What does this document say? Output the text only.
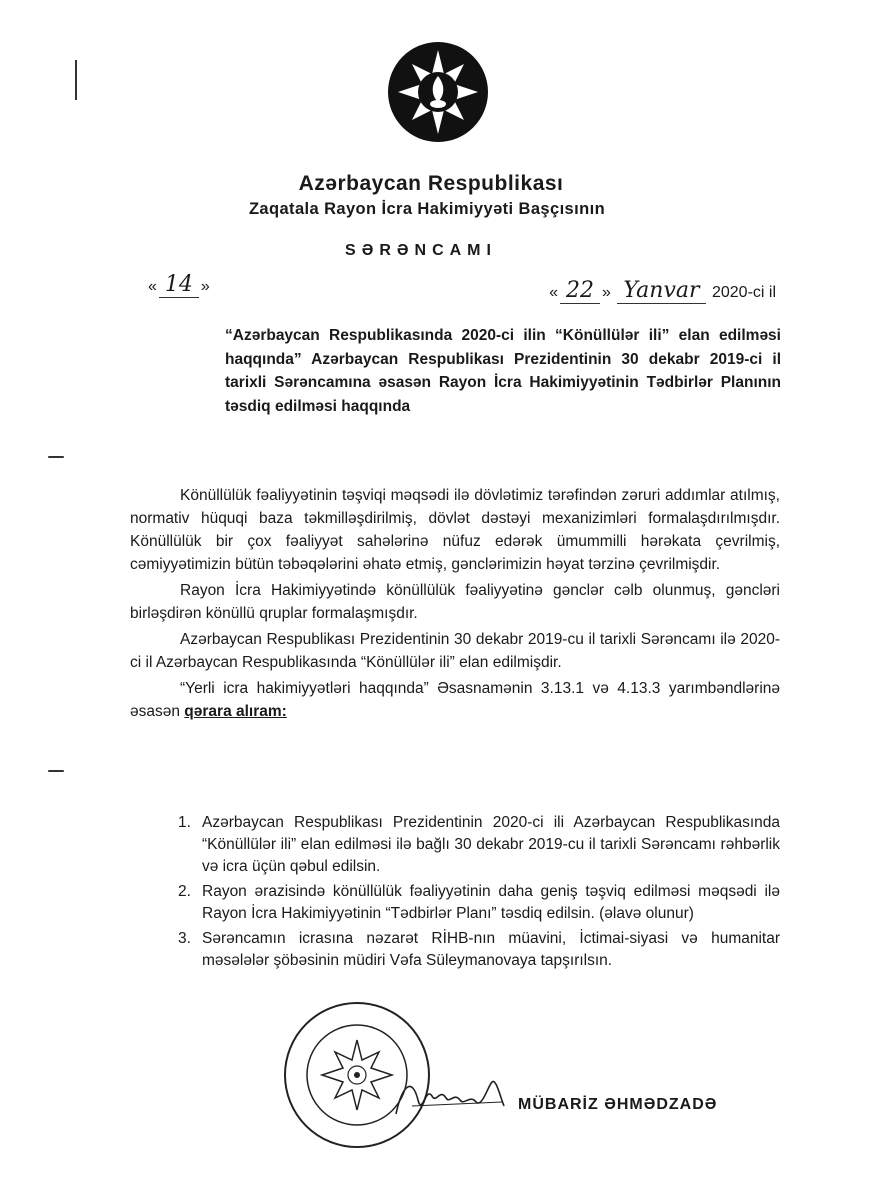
Azərbaycan Respublikası
Zaqatala Rayon İcra Hakimiyyəti Başçısının
SƏRƏNCAMI
« 14 »	« 22 » Yanvar 2020-ci il
“Azərbaycan Respublikasında 2020-ci ilin “Könüllülər ili” elan edilməsi haqqında” Azərbaycan Respublikası Prezidentinin 30 dekabr 2019-ci il tarixli Sərəncamına əsasən Rayon İcra Hakimiyyətinin Tədbirlər Planının təsdiq edilməsi haqqında

Könüllülük fəaliyyətinin təşviqi məqsədi ilə dövlətimiz tərəfindən zəruri addımlar atılmış, normativ hüquqi baza təkmilləşdirilmiş, dövlət dəstəyi mexanizimləri formalaşdırılmışdır. Könüllülük bir çox fəaliyyət sahələrinə nüfuz edərək ümummilli hərəkata çevrilmiş, cəmiyyətimizin bütün təbəqələrini əhatə etmiş, gənclərimizin həyat tərzinə çevrilmişdir.

Rayon İcra Hakimiyyətində könüllülük fəaliyyətinə gənclər cəlb olunmuş, gəncləri birləşdirən könüllü qruplar formalaşmışdır.

Azərbaycan Respublikası Prezidentinin 30 dekabr 2019-cu il tarixli Sərəncamı ilə 2020-ci il Azərbaycan Respublikasında “Könüllülər ili” elan edilmişdir.

“Yerli icra hakimiyyətləri haqqında” Əsasnamənin 3.13.1 və 4.13.3 yarımbəndlərinə əsasən qərara alıram:

1. Azərbaycan Respublikası Prezidentinin 2020-ci ili Azərbaycan Respublikasında “Könüllülər ili” elan edilməsi ilə bağlı 30 dekabr 2019-cu il tarixli Sərəncamı rəhbərlik və icra üçün qəbul edilsin.
2. Rayon ərazisində könüllülük fəaliyyətinin daha geniş təşviq edilməsi məqsədi ilə Rayon İcra Hakimiyyətinin “Tədbirlər Planı” təsdiq edilsin. (əlavə olunur)
3. Sərəncamın icrasına nəzarət RİHB-nın müavini, İctimai-siyasi və humanitar məsələlər şöbəsinin müdiri Vəfa Süleymanovaya tapşırılsın.
MÜBARİZ ƏHMƏDZADƏ
